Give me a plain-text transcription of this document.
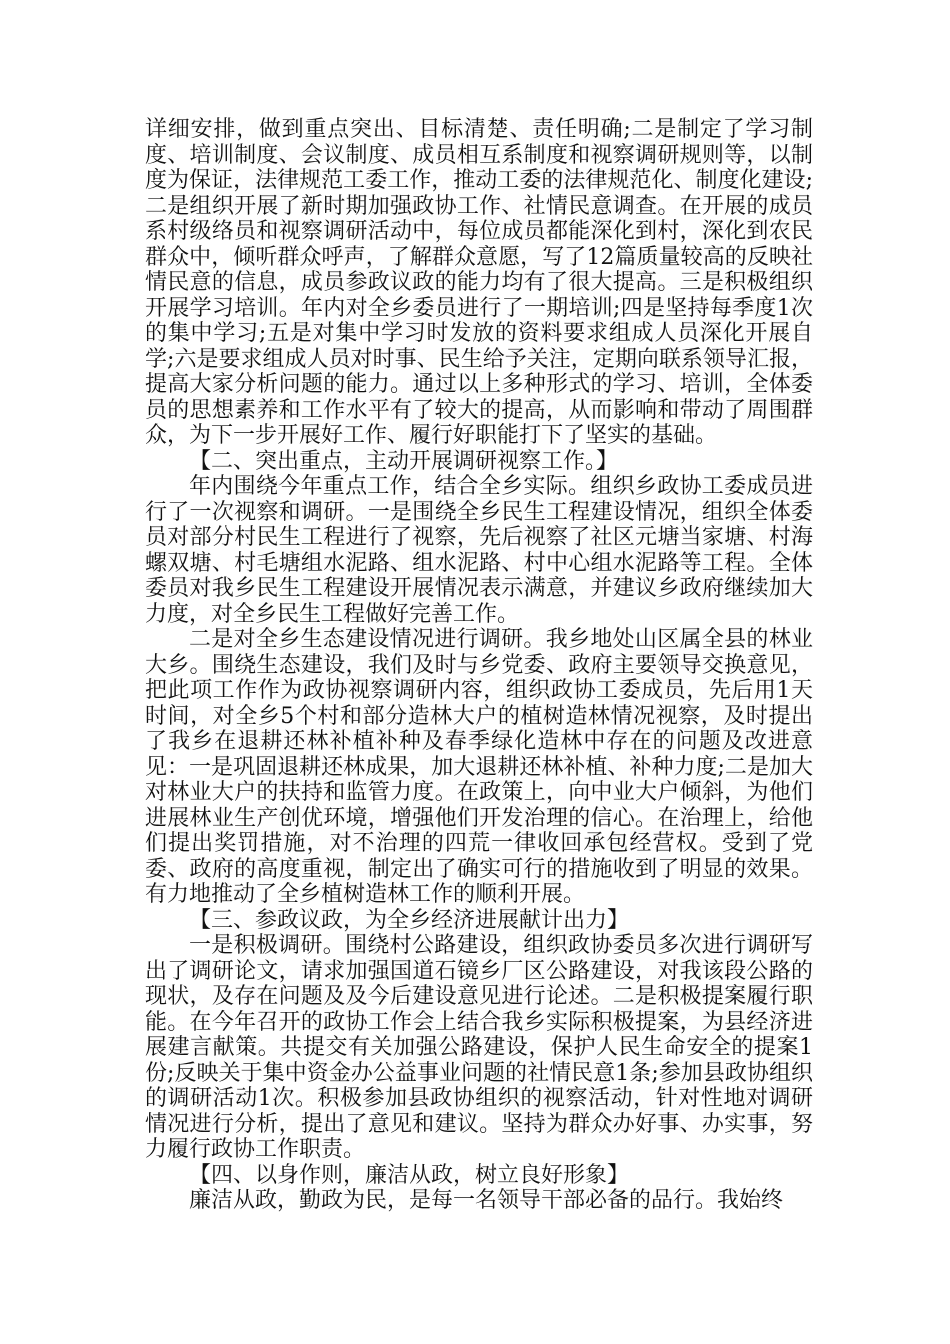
详细安排，做到重点突出、目标清楚、责任明确;二是制定了学习制度、培训制度、会议制度、成员相互系制度和视察调研规则等，以制度为保证，法律规范工委工作，推动工委的法律规范化、制度化建设;二是组织开展了新时期加强政协工作、社情民意调查。在开展的成员系村级络员和视察调研活动中，每位成员都能深化到村，深化到农民群众中，倾听群众呼声，了解群众意愿，写了12篇质量较高的反映社情民意的信息，成员参政议政的能力均有了很大提高。三是积极组织开展学习培训。年内对全乡委员进行了一期培训;四是坚持每季度1次的集中学习;五是对集中学习时发放的资料要求组成人员深化开展自学;六是要求组成人员对时事、民生给予关注，定期向联系领导汇报，提高大家分析问题的能力。通过以上多种形式的学习、培训，全体委员的思想素养和工作水平有了较大的提高，从而影响和带动了周围群众，为下一步开展好工作、履行好职能打下了坚实的基础。

【二、突出重点，主动开展调研视察工作。】

年内围绕今年重点工作，结合全乡实际。组织乡政协工委成员进行了一次视察和调研。一是围绕全乡民生工程建设情况，组织全体委员对部分村民生工程进行了视察，先后视察了社区元塘当家塘、村海螺双塘、村毛塘组水泥路、组水泥路、村中心组水泥路等工程。全体委员对我乡民生工程建设开展情况表示满意，并建议乡政府继续加大力度，对全乡民生工程做好完善工作。

二是对全乡生态建设情况进行调研。我乡地处山区属全县的林业大乡。围绕生态建设，我们及时与乡党委、政府主要领导交换意见，把此项工作作为政协视察调研内容，组织政协工委成员，先后用1天时间，对全乡5个村和部分造林大户的植树造林情况视察，及时提出了我乡在退耕还林补植补种及春季绿化造林中存在的问题及改进意见：一是巩固退耕还林成果，加大退耕还林补植、补种力度;二是加大对林业大户的扶持和监管力度。在政策上，向中业大户倾斜，为他们进展林业生产创优环境，增强他们开发治理的信心。在治理上，给他们提出奖罚措施，对不治理的四荒一律收回承包经营权。受到了党委、政府的高度重视，制定出了确实可行的措施收到了明显的效果。有力地推动了全乡植树造林工作的顺利开展。

【三、参政议政，为全乡经济进展献计出力】

一是积极调研。围绕村公路建设，组织政协委员多次进行调研写出了调研论文，请求加强国道石镜乡厂区公路建设，对我该段公路的现状，及存在问题及及今后建设意见进行论述。二是积极提案履行职能。在今年召开的政协工作会上结合我乡实际积极提案，为县经济进展建言献策。共提交有关加强公路建设，保护人民生命安全的提案1份;反映关于集中资金办公益事业问题的社情民意1条;参加县政协组织的调研活动1次。积极参加县政协组织的视察活动，针对性地对调研情况进行分析，提出了意见和建议。坚持为群众办好事、办实事，努力履行政协工作职责。

【四、以身作则，廉洁从政，树立良好形象】

廉洁从政，勤政为民，是每一名领导干部必备的品行。我始终
